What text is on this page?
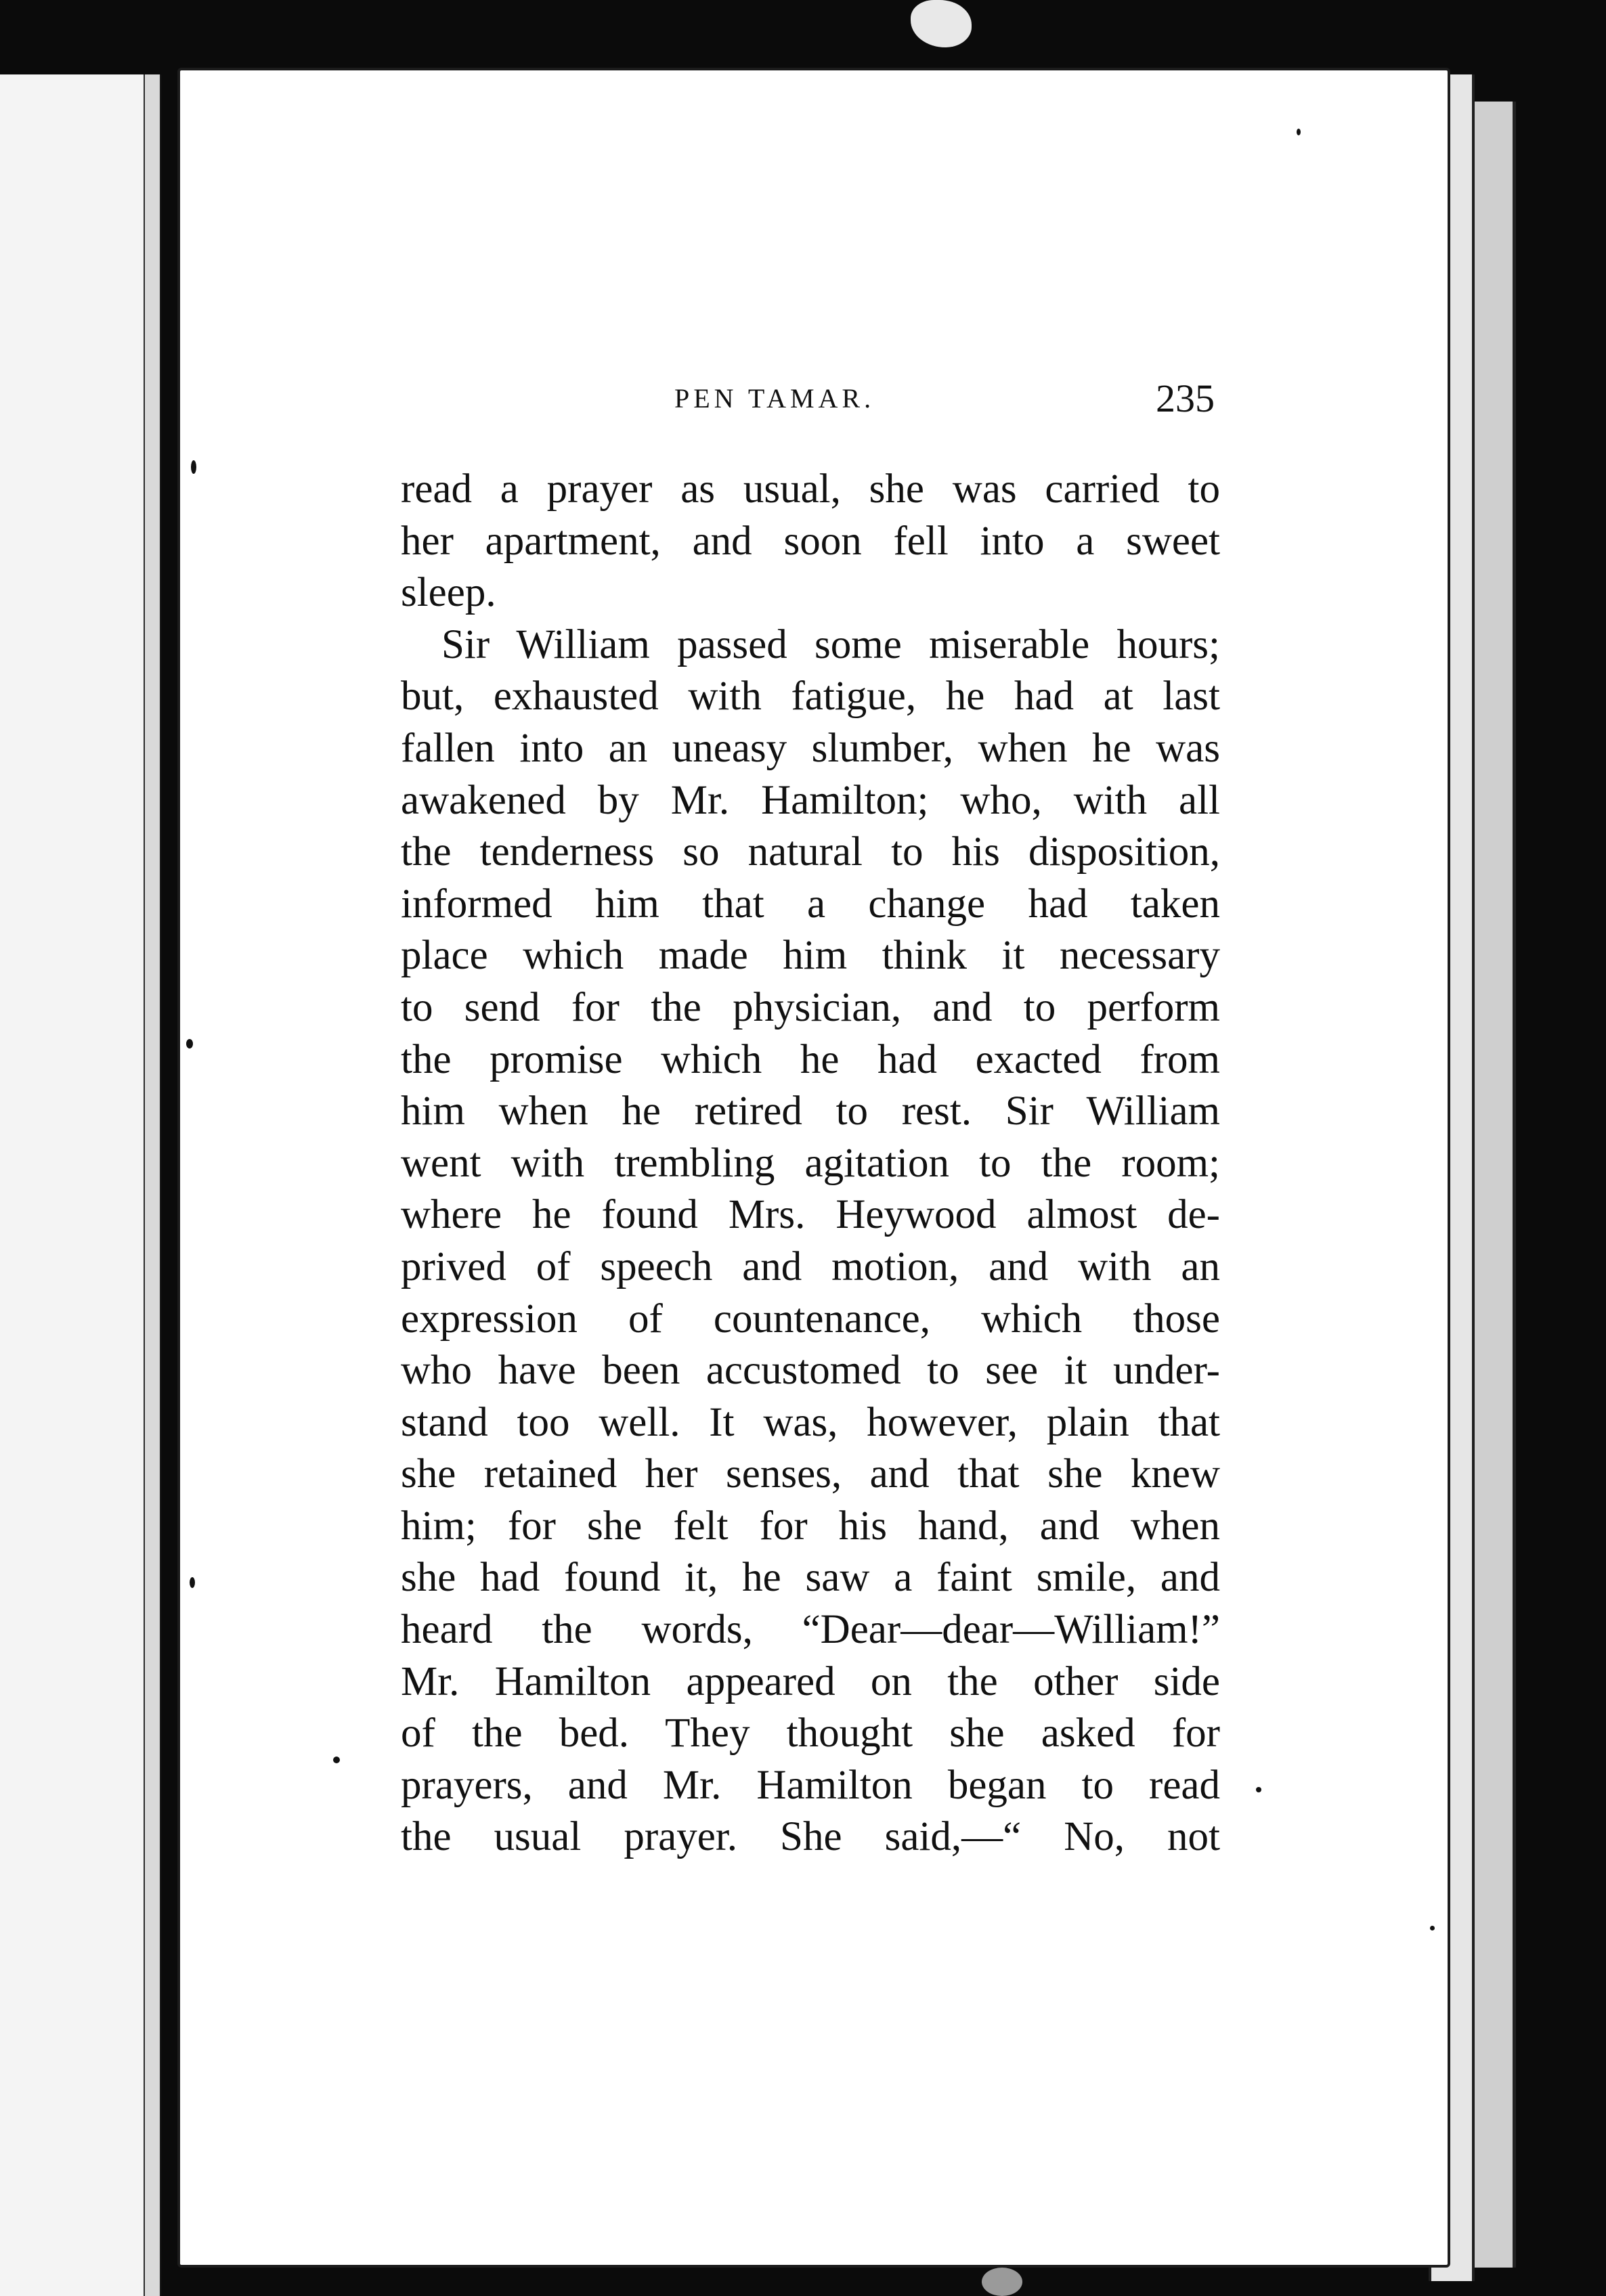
PEN TAMAR.	235
read a prayer as usual, she was carried to
her apartment, and soon fell into a sweet
sleep.
Sir William passed some miserable hours;
but, exhausted with fatigue, he had at last
fallen into an uneasy slumber, when he was
awakened by Mr. Hamilton; who, with all
the tenderness so natural to his disposition,
informed him that a change had taken
place which made him think it necessary
to send for the physician, and to perform
the promise which he had exacted from
him when he retired to rest. Sir William
went with trembling agitation to the room;
where he found Mrs. Heywood almost de-
prived of speech and motion, and with an
expression of countenance, which those
who have been accustomed to see it under-
stand too well. It was, however, plain that
she retained her senses, and that she knew
him; for she felt for his hand, and when
she had found it, he saw a faint smile, and
heard the words, “Dear—dear—William!”
Mr. Hamilton appeared on the other side
of the bed. They thought she asked for
prayers, and Mr. Hamilton began to read
the usual prayer. She said,—“ No, not
